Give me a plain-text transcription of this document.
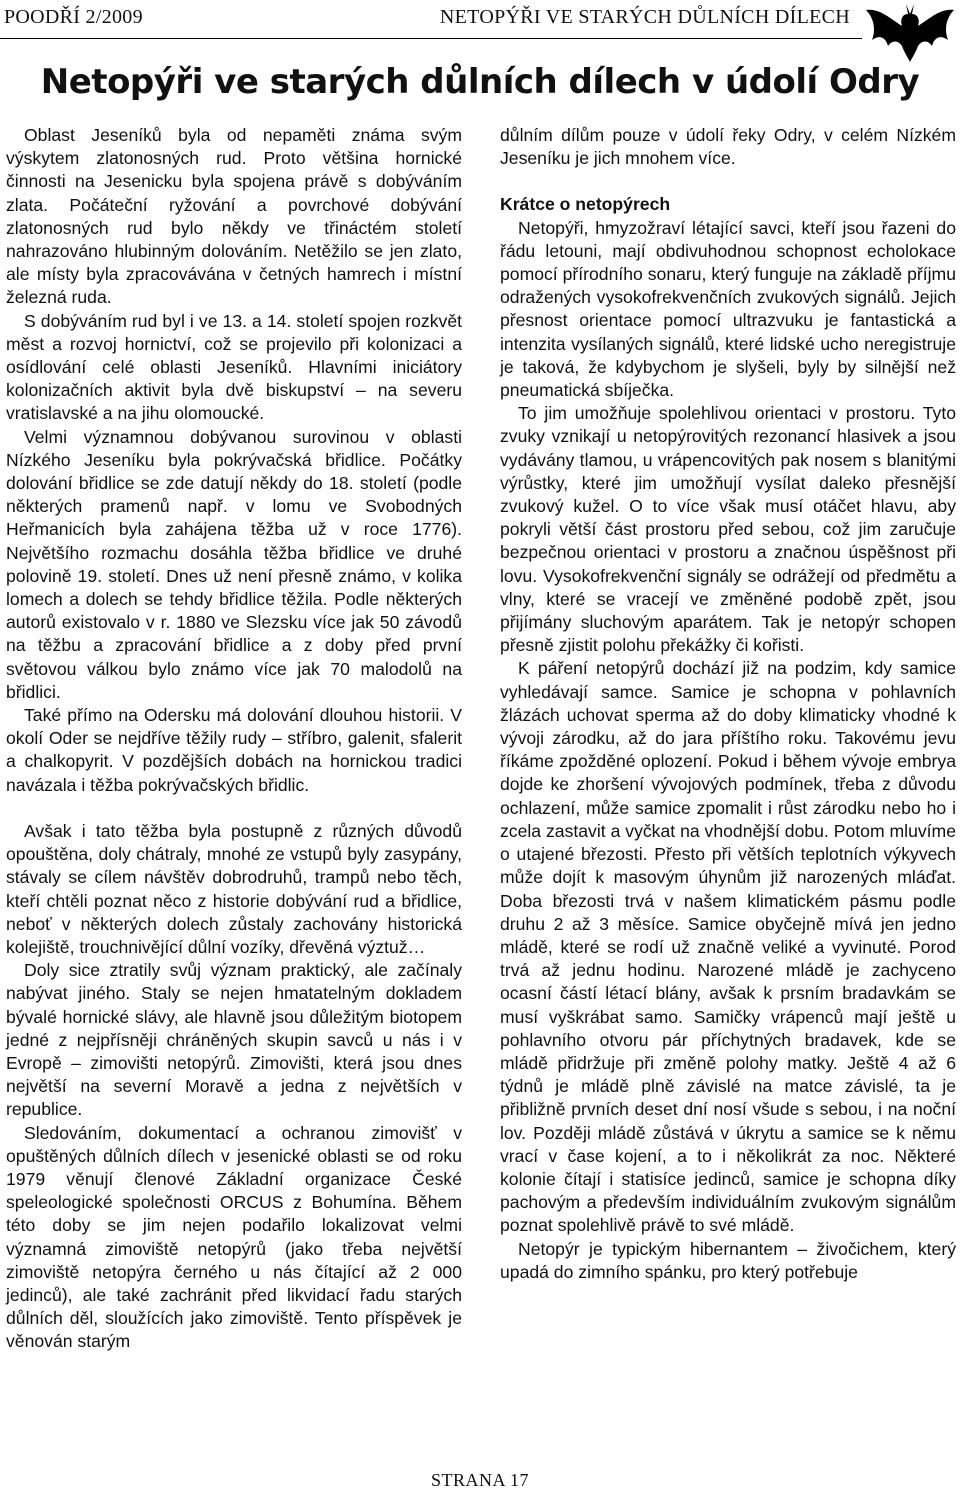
POODŘÍ 2/2009	NETOPÝŘI VE STARÝCH DŮLNÍCH DÍLECH
Netopýři ve starých důlních dílech v údolí Odry

Oblast Jeseníků byla od nepaměti známa svým výskytem zlatonosných rud. Proto většina hornické činnosti na Jesenicku byla spojena právě s dobýváním zlata. Počáteční ryžování a povrchové dobývání zlatonosných rud bylo někdy ve třináctém století nahrazováno hlubinným dolováním. Netěžilo se jen zlato, ale místy byla zpracovávána v četných hamrech i místní železná ruda.

S dobýváním rud byl i ve 13. a 14. století spojen rozkvět měst a rozvoj hornictví, což se projevilo při kolonizaci a osídlování celé oblasti Jeseníků. Hlavními iniciátory kolonizačních aktivit byla dvě biskupství – na severu vratislavské a na jihu olomoucké.

Velmi významnou dobývanou surovinou v oblasti Nízkého Jeseníku byla pokrývačská břidlice. Počátky dolování břidlice se zde datují někdy do 18. století (podle některých pramenů např. v lomu ve Svobodných Heřmanicích byla zahájena těžba už v roce 1776). Největšího rozmachu dosáhla těžba břidlice ve druhé polovině 19. století. Dnes už není přesně známo, v kolika lomech a dolech se tehdy břidlice těžila. Podle některých autorů existovalo v r. 1880 ve Slezsku více jak 50 závodů na těžbu a zpracování břidlice a z doby před první světovou válkou bylo známo více jak 70 malodolů na břidlici.

Také přímo na Odersku má dolování dlouhou historii. V okolí Oder se nejdříve těžily rudy – stříbro, galenit, sfalerit a chalkopyrit. V pozdějších dobách na hornickou tradici navázala i těžba pokrývačských břidlic.

Avšak i tato těžba byla postupně z různých důvodů opouštěna, doly chátraly, mnohé ze vstupů byly zasypány, stávaly se cílem návštěv dobrodruhů, trampů nebo těch, kteří chtěli poznat něco z historie dobývání rud a břidlice, neboť v některých dolech zůstaly zachovány historická kolejiště, trouchnivějící důlní vozíky, dřevěná výztuž…

Doly sice ztratily svůj význam praktický, ale začínaly nabývat jiného. Staly se nejen hmatatelným dokladem bývalé hornické slávy, ale hlavně jsou důležitým biotopem jedné z nejpřísněji chráněných skupin savců u nás i v Evropě – zimovišti netopýrů. Zimovišti, která jsou dnes největší na severní Moravě a jedna z největších v republice.

Sledováním, dokumentací a ochranou zimovišť v opuštěných důlních dílech v jesenické oblasti se od roku 1979 věnují členové Základní organizace České speleologické společnosti ORCUS z Bohumína. Během této doby se jim nejen podařilo lokalizovat velmi významná zimoviště netopýrů (jako třeba největší zimoviště netopýra černého u nás čítající až 2 000 jedinců), ale také zachránit před likvidací řadu starých důlních děl, sloužících jako zimoviště. Tento příspěvek je věnován starým

důlním dílům pouze v údolí řeky Odry, v celém Nízkém Jeseníku je jich mnohem více.

Krátce o netopýrech

Netopýři, hmyzožraví létající savci, kteří jsou řazeni do řádu letouni, mají obdivuhodnou schopnost echolokace pomocí přírodního sonaru, který funguje na základě příjmu odražených vysokofrekvenčních zvukových signálů. Jejich přesnost orientace pomocí ultrazvuku je fantastická a intenzita vysílaných signálů, které lidské ucho neregistruje je taková, že kdybychom je slyšeli, byly by silnější než pneumatická sbíječka.

To jim umožňuje spolehlivou orientaci v prostoru. Tyto zvuky vznikají u netopýrovitých rezonancí hlasivek a jsou vydávány tlamou, u vrápencovitých pak nosem s blanitými výrůstky, které jim umožňují vysílat daleko přesnější zvukový kužel. O to více však musí otáčet hlavu, aby pokryli větší část prostoru před sebou, což jim zaručuje bezpečnou orientaci v prostoru a značnou úspěšnost při lovu. Vysokofrekvenční signály se odrážejí od předmětu a vlny, které se vracejí ve změněné podobě zpět, jsou přijímány sluchovým aparátem. Tak je netopýr schopen přesně zjistit polohu překážky či kořisti.

K páření netopýrů dochází již na podzim, kdy samice vyhledávají samce. Samice je schopna v pohlavních žlázách uchovat sperma až do doby klimaticky vhodné k vývoji zárodku, až do jara příštího roku. Takovému jevu říkáme zpožděné oplození. Pokud i během vývoje embrya dojde ke zhoršení vývojových podmínek, třeba z důvodu ochlazení, může samice zpomalit i růst zárodku nebo ho i zcela zastavit a vyčkat na vhodnější dobu. Potom mluvíme o utajené březosti. Přesto při větších teplotních výkyvech může dojít k masovým úhynům již narozených mláďat. Doba březosti trvá v našem klimatickém pásmu podle druhu 2 až 3 měsíce. Samice obyčejně mívá jen jedno mládě, které se rodí už značně veliké a vyvinuté. Porod trvá až jednu hodinu. Narozené mládě je zachyceno ocasní částí létací blány, avšak k prsním bradavkám se musí vyškrábat samo. Samičky vrápenců mají ještě u pohlavního otvoru pár příchytných bradavek, kde se mládě přidržuje při změně polohy matky. Ještě 4 až 6 týdnů je mládě plně závislé na matce závislé, ta je přibližně prvních deset dní nosí všude s sebou, i na noční lov. Později mládě zůstává v úkrytu a samice se k němu vrací v čase kojení, a to i několikrát za noc. Některé kolonie čítají i statisíce jedinců, samice je schopna díky pachovým a především individuálním zvukovým signálům poznat spolehlivě právě to své mládě.

Netopýr je typickým hibernantem – živočichem, který upadá do zimního spánku, pro který potřebuje

STRANA 17
